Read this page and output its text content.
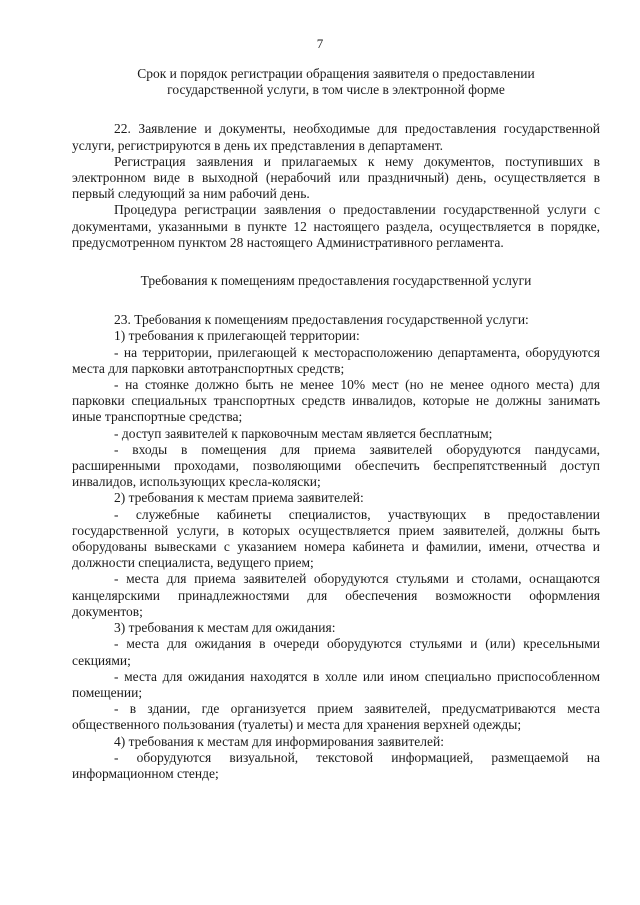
7
Срок и порядок регистрации обращения заявителя о предоставлении
государственной услуги, в том числе в электронной форме

22. Заявление и документы, необходимые для предоставления государственной услуги, регистрируются в день их представления в департамент.

Регистрация заявления и прилагаемых к нему документов, поступивших в электронном виде в выходной (нерабочий или праздничный) день, осуществляется в первый следующий за ним рабочий день.

Процедура регистрации заявления о предоставлении государственной услуги с документами, указанными в пункте 12 настоящего раздела, осуществляется в порядке, предусмотренном пунктом 28 настоящего Административного регламента.

Требования к помещениям предоставления государственной услуги

23. Требования к помещениям предоставления государственной услуги:

1) требования к прилегающей территории:

- на территории, прилегающей к месторасположению департамента, оборудуются места для парковки автотранспортных средств;

- на стоянке должно быть не менее 10% мест (но не менее одного места) для парковки специальных транспортных средств инвалидов, которые не должны занимать иные транспортные средства;

- доступ заявителей к парковочным местам является бесплатным;

- входы в помещения для приема заявителей оборудуются пандусами, расширенными проходами, позволяющими обеспечить беспрепятственный доступ инвалидов, использующих кресла-коляски;

2) требования к местам приема заявителей:

- служебные кабинеты специалистов, участвующих в предоставлении государственной услуги, в которых осуществляется прием заявителей, должны быть оборудованы вывесками с указанием номера кабинета и фамилии, имени, отчества и должности специалиста, ведущего прием;

- места для приема заявителей оборудуются стульями и столами, оснащаются канцелярскими принадлежностями для обеспечения возможности оформления документов;

3) требования к местам для ожидания:

- места для ожидания в очереди оборудуются стульями и (или) кресельными секциями;

- места для ожидания находятся в холле или ином специально приспособленном помещении;

- в здании, где организуется прием заявителей, предусматриваются места общественного пользования (туалеты) и места для хранения верхней одежды;

4) требования к местам для информирования заявителей:

- оборудуются визуальной, текстовой информацией, размещаемой на информационном стенде;
